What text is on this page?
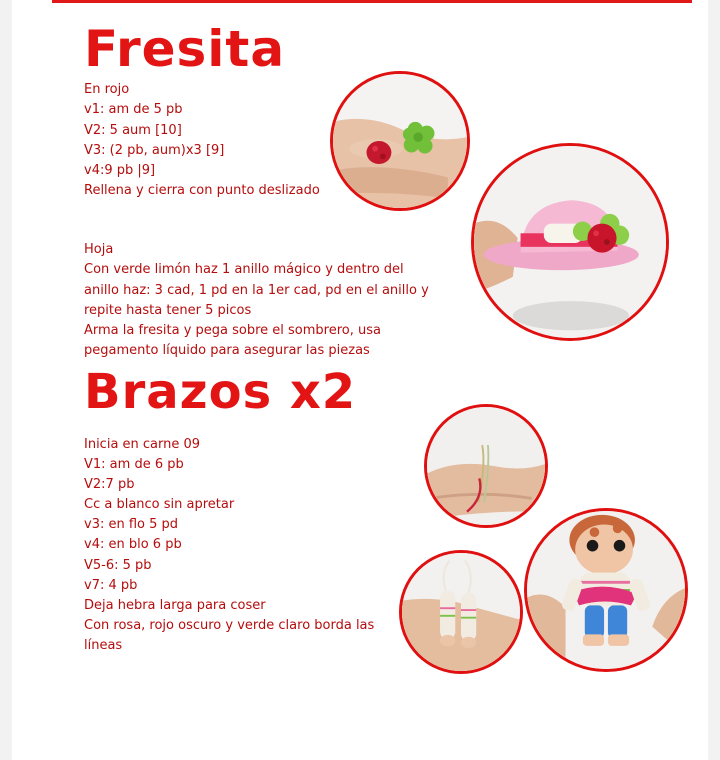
Fresita
En rojo
v1: am de 5 pb
V2: 5 aum [10]
V3: (2 pb, aum)x3 [9]
v4:9 pb |9]
Rellena y cierra con punto deslizado
Hoja
Con verde limón haz 1 anillo mágico y dentro del anillo haz: 3 cad, 1 pd en la 1er cad, pd en el anillo y repite hasta tener 5 picos
Arma la fresita y pega sobre el sombrero, usa pegamento líquido para asegurar las piezas
Brazos x2
Inicia en carne 09
V1: am de 6 pb
V2:7 pb
Cc a blanco sin apretar
v3: en flo 5 pd
v4: en blo 6 pb
V5-6: 5 pb
v7: 4 pb
Deja hebra larga para coser
Con rosa, rojo oscuro y verde claro borda las líneas
